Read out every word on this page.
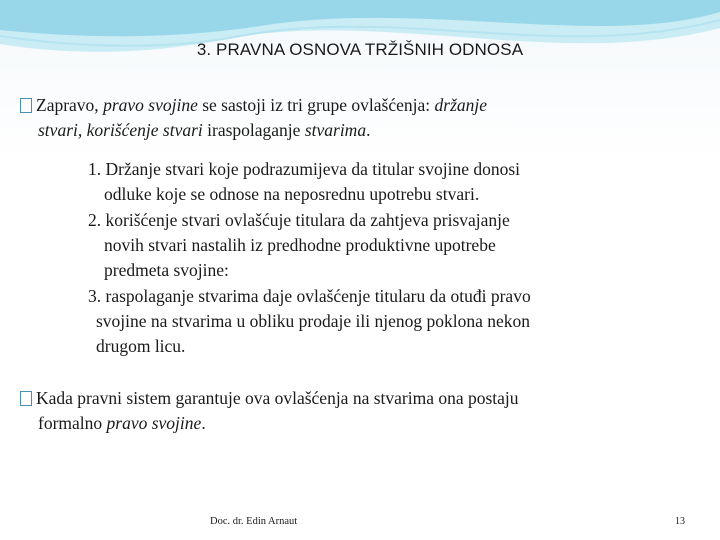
3. PRAVNA OSNOVA TRŽIŠNIH ODNOSA
Zapravo, pravo svojine se sastoji iz tri grupe ovlašćenja: držanje
stvari, korišćenje stvari iraspolaganje stvarima.
1. Držanje stvari koje podrazumijeva da titular svojine donosi
odluke koje se odnose na neposrednu upotrebu stvari.
2. korišćenje stvari ovlašćuje titulara da zahtjeva prisvajanje
novih stvari nastalih iz predhodne produktivne upotrebe
predmeta svojine:
3. raspolaganje stvarima daje ovlašćenje titularu da otuđi pravo
svojine na stvarima u obliku prodaje ili njenog poklona nekon
drugom licu.
Kada pravni sistem garantuje ova ovlašćenja na stvarima ona postaju
formalno pravo svojine.
Doc. dr. Edin Arnaut	13
